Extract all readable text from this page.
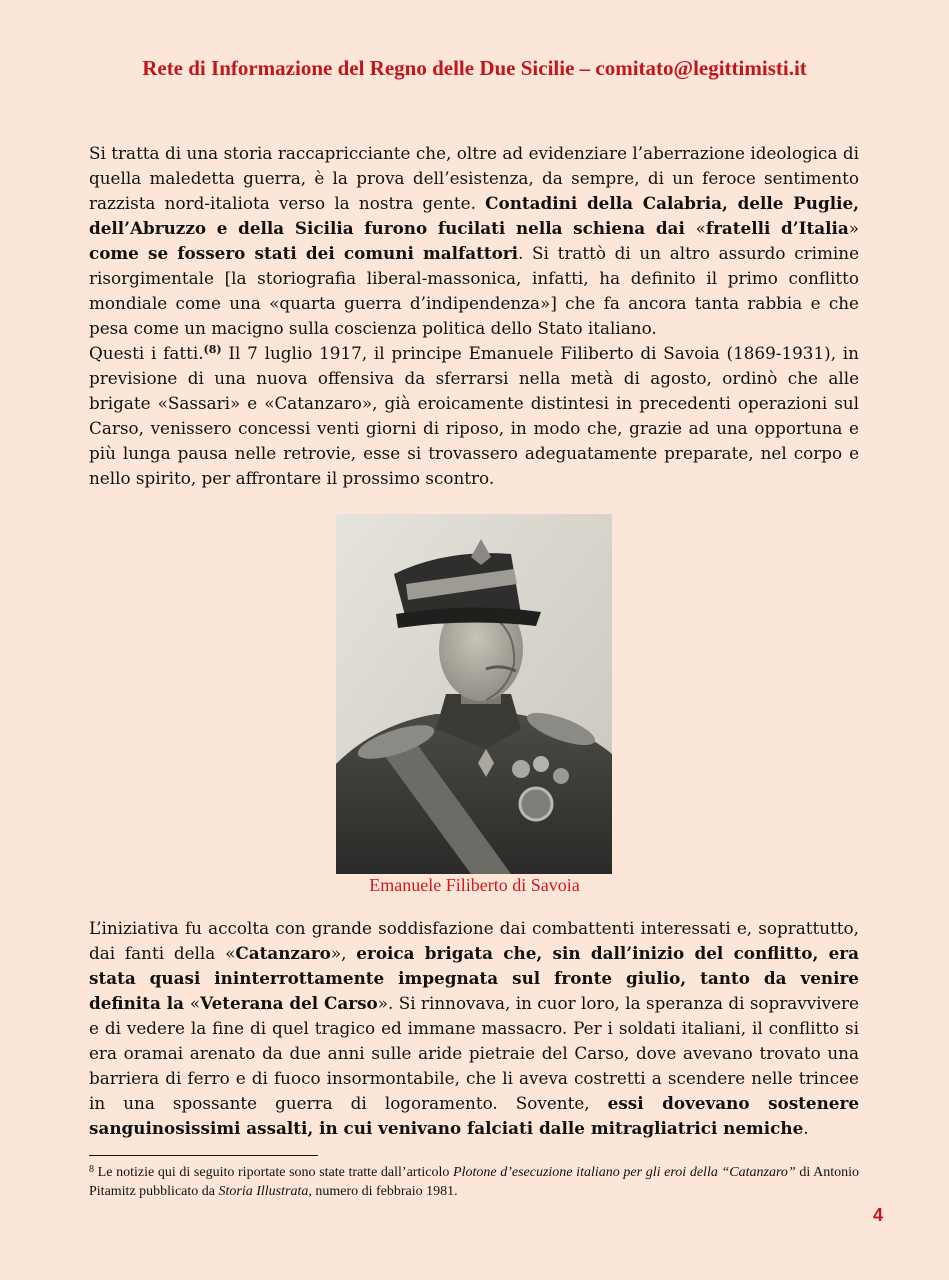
Rete di Informazione del Regno delle Due Sicilie – comitato@legittimisti.it

Si tratta di una storia raccapricciante che, oltre ad evidenziare l’aberrazione ideologica di quella maledetta guerra, è la prova dell’esistenza, da sempre, di un feroce sentimento razzista nord-italiota verso la nostra gente. Contadini della Calabria, delle Puglie, dell’Abruzzo e della Sicilia furono fucilati nella schiena dai «fratelli d’Italia» come se fossero stati dei comuni malfattori. Si trattò di un altro assurdo crimine risorgimentale [la storiografia liberal-massonica, infatti, ha definito il primo conflitto mondiale come una «quarta guerra d’indipendenza»] che fa ancora tanta rabbia e che pesa come un macigno sulla coscienza politica dello Stato italiano.

Questi i fatti.$^{(8)}$ Il 7 luglio 1917, il principe Emanuele Filiberto di Savoia (1869-1931), in previsione di una nuova offensiva da sferrarsi nella metà di agosto, ordinò che alle brigate «Sassari» e «Catanzaro», già eroicamente distintesi in precedenti operazioni sul Carso, venissero concessi venti giorni di riposo, in modo che, grazie ad una opportuna e più lunga pausa nelle retrovie, esse si trovassero adeguatamente preparate, nel corpo e nello spirito, per affrontare il prossimo scontro.

Emanuele Filiberto di Savoia

L’iniziativa fu accolta con grande soddisfazione dai combattenti interessati e, soprattutto, dai fanti della «Catanzaro», eroica brigata che, sin dall’inizio del conflitto, era stata quasi ininterrottamente impegnata sul fronte giulio, tanto da venire definita la «Veterana del Carso». Si rinnovava, in cuor loro, la speranza di sopravvivere e di vedere la fine di quel tragico ed immane massacro. Per i soldati italiani, il conflitto si era oramai arenato da due anni sulle aride pietraie del Carso, dove avevano trovato una barriera di ferro e di fuoco insormontabile, che li aveva costretti a scendere nelle trincee in una spossante guerra di logoramento. Sovente, essi dovevano sostenere sanguinosissimi assalti, in cui venivano falciati dalle mitragliatrici nemiche.

$^8$ Le notizie qui di seguito riportate sono state tratte dall’articolo Plotone d’esecuzione italiano per gli eroi della “Catanzaro” di Antonio Pitamitz pubblicato da Storia Illustrata, numero di febbraio 1981.
4
